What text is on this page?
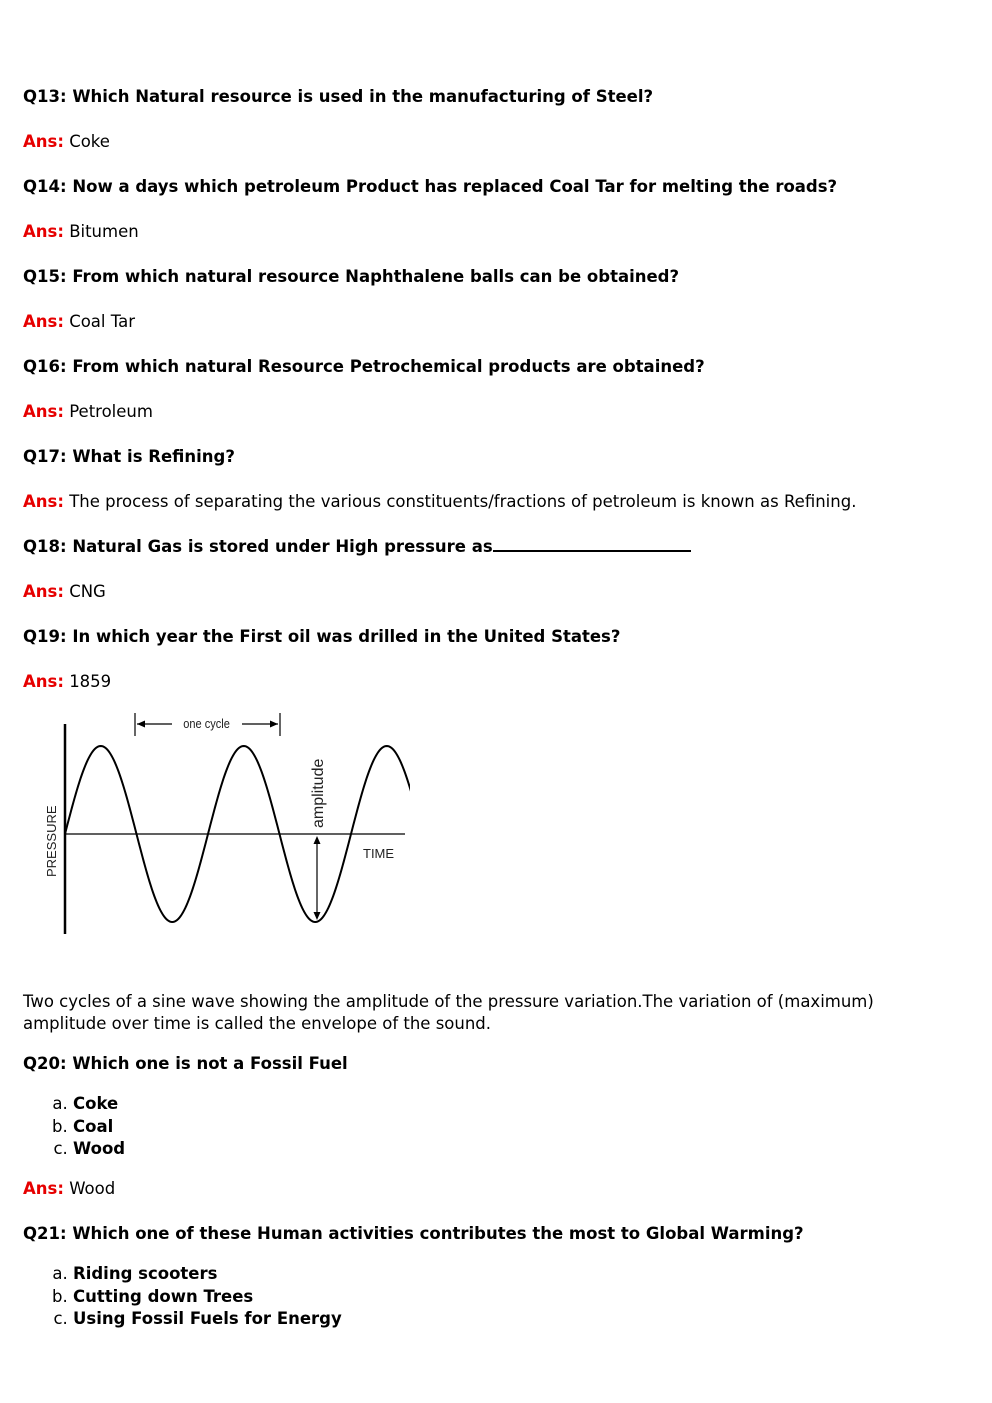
Q13: Which Natural resource is used in the manufacturing of Steel?
Ans: Coke
Q14: Now a days which petroleum Product has replaced Coal Tar for melting the roads?
Ans: Bitumen
Q15: From which natural resource Naphthalene balls can be obtained?
Ans: Coal Tar
Q16: From which natural Resource Petrochemical products are obtained?
Ans: Petroleum
Q17: What is Refining?
Ans: The process of separating the various constituents/fractions of petroleum is known as Refining.
Q18: Natural Gas is stored under High pressure as
Ans: CNG
Q19: In which year the First oil was drilled in the United States?
Ans: 1859
Two cycles of a sine wave showing the amplitude of the pressure variation.The variation of (maximum) amplitude over time is called the envelope of the sound.
Q20: Which one is not a Fossil Fuel
a. Coke
b. Coal
c. Wood
Ans: Wood
Q21: Which one of these Human activities contributes the most to Global Warming?
a. Riding scooters
b. Cutting down Trees
c. Using Fossil Fuels for Energy
one cycle
amplitude
PRESSURE	TIME
